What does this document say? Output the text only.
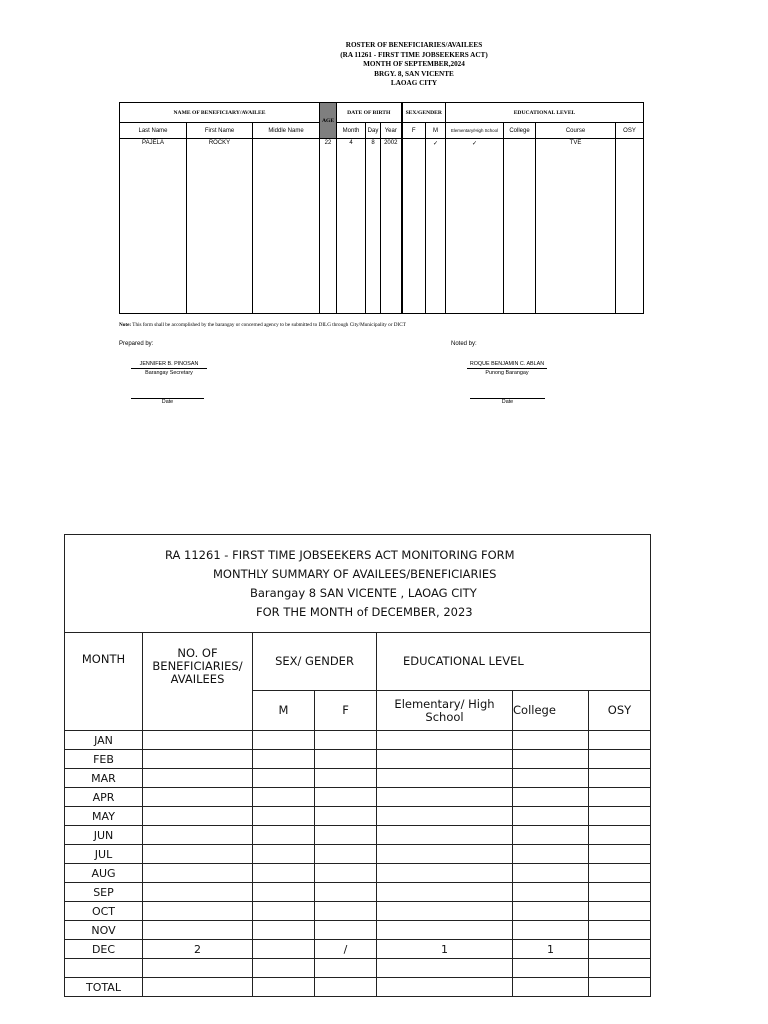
ROSTER OF BENEFICIARIES/AVAILEES
(RA 11261 - FIRST TIME JOBSEEKERS ACT)
MONTH OF SEPTEMBER,2024
BRGY. 8, SAN VICENTE
LAOAG CITY
NAME OF BENEFICIARY/AVAILEE			AGE	DATE OF BIRTH			SEX/GENDER		EDUCATIONAL LEVEL			
Last Name	First Name	Middle Name		Month	Day	Year	F	M	Elementary/High School	College	Course	OSY
PAJELA	ROCKY		22	4	8	2002		✓	✓		TVE	
Note: This form shall be accomplished by the barangay or concerned agency to be submitted to DILG through City/Municipality or DICT
Prepared by:	Noted by:
JENNIFER B. PINOSAN
Barangay Secretary
ROQUE BENJAMIN C. ABLAN
Punong Barangay
Date	Date
RA 11261 - FIRST TIME JOBSEEKERS ACT MONITORING FORM
MONTHLY SUMMARY OF AVAILEES/BENEFICIARIES
Barangay 8 SAN VICENTE , LAOAG CITY
FOR THE MONTH of DECEMBER, 2023						

MONTH	NO. OF BENEFICIARIES/ AVAILEES	SEX/ GENDER		EDUCATIONAL LEVEL		
		M	F	Elementary/ High School	College	OSY
JAN						
FEB						
MAR						
APR						
MAY						
JUN						
JUL						
AUG						
SEP						
OCT						
NOV						
DEC	2		/	1	1	

TOTAL						
